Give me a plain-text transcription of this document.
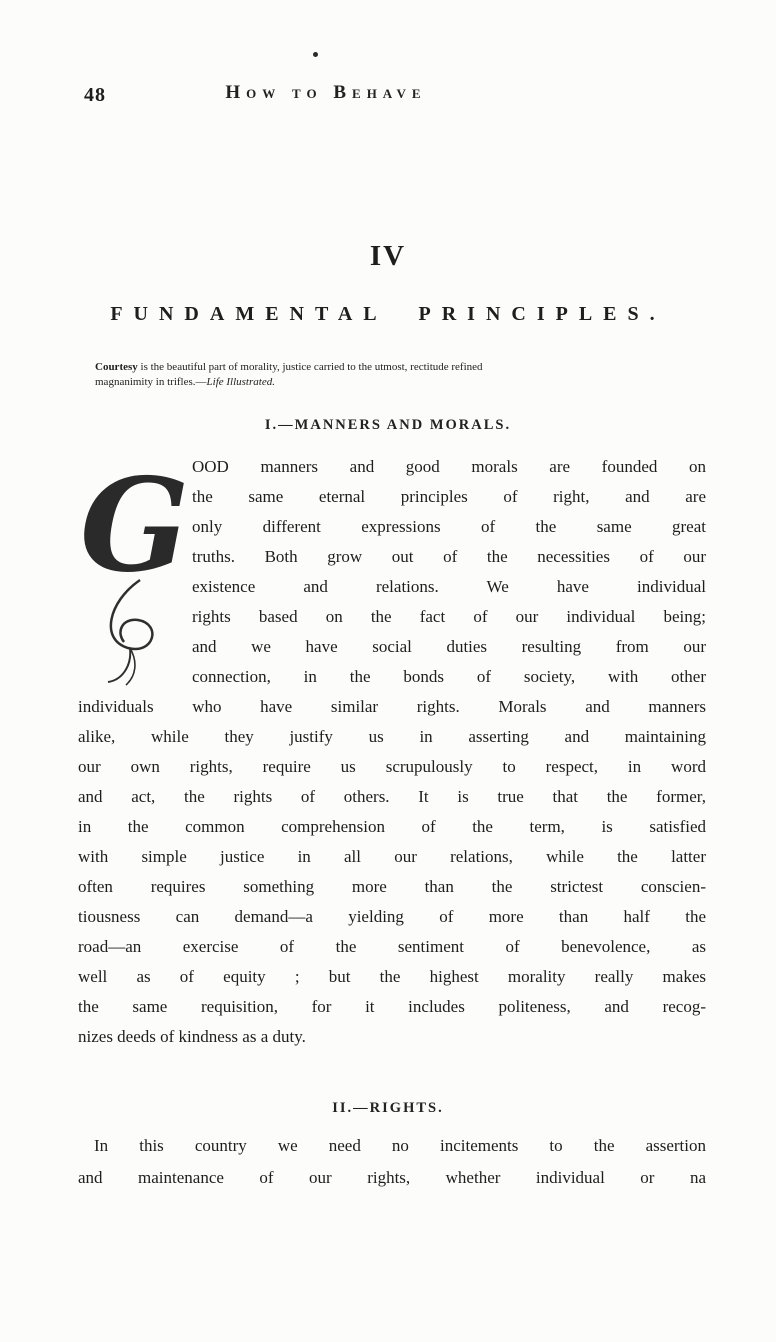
48	How to Behave
IV
FUNDAMENTAL PRINCIPLES.
Courtesy is the beautiful part of morality, justice carried to the utmost, rectitude refined
magnanimity in trifles.—Life Illustrated.
I.—MANNERS AND MORALS.
G OOD manners and good morals are founded on
the same eternal principles of right, and are
only different expressions of the same great
truths. Both grow out of the necessities of our
existence and relations. We have individual
rights based on the fact of our individual being;
and we have social duties resulting from our
connection, in the bonds of society, with other
individuals who have similar rights. Morals and manners
alike, while they justify us in asserting and maintaining
our own rights, require us scrupulously to respect, in word
and act, the rights of others. It is true that the former,
in the common comprehension of the term, is satisfied
with simple justice in all our relations, while the latter
often requires something more than the strictest conscien-
tiousness can demand—a yielding of more than half the
road—an exercise of the sentiment of benevolence, as
well as of equity ; but the highest morality really makes
the same requisition, for it includes politeness, and recog-
nizes deeds of kindness as a duty.
II.—RIGHTS.
In this country we need no incitements to the assertion
and maintenance of our rights, whether individual or na
